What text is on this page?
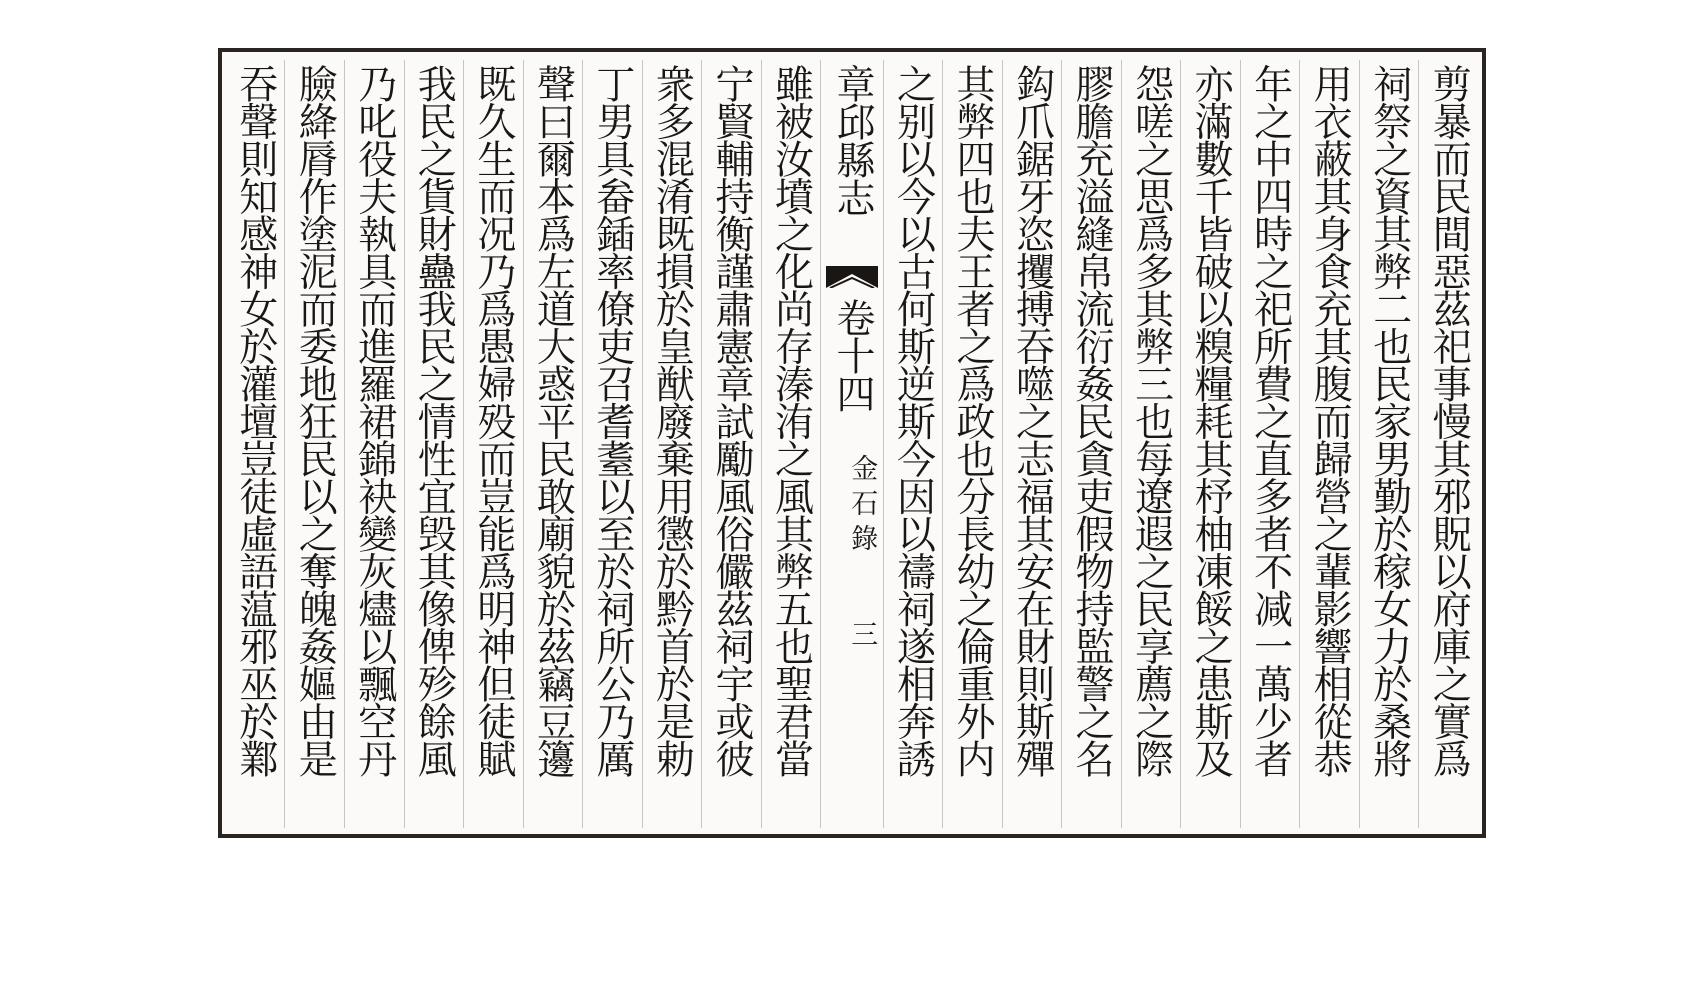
剪暴而民間惡茲祀事慢其邪貺以府庫之實爲
祠祭之資其弊二也民家男勤於稼女力於桑將
用衣蔽其身食充其腹而歸營之輩影響相從恭
年之中四時之祀所費之直多者不减一萬少者
亦滿數千皆破以糗糧耗其杼柚凍餒之患斯及
怨嗟之思爲多其弊三也每遼遐之民享薦之際
膠膽充溢縫帛流衍姦民貪吏假物持監警之名
鈎爪鋸牙恣攫搏吞噬之志福其安在財則斯殫
其弊四也夫王者之爲政也分長幼之倫重外内
之别以今以古何斯逆斯今因以禱祠遂相奔誘
章邱縣志
卷十四
金石錄
三
雖被汝墳之化尚存溱洧之風其弊五也聖君當
宁賢輔持衡謹肅憲章試勵風俗儼茲祠宇或彼
衆多混淆既損於皇猷廢棄用懲於黔首於是勅
丁男具畚鍤率僚吏召耆耋以至於祠所公乃厲
聲曰爾本爲左道大惑平民敢廟貌於茲竊豆籩
既久生而况乃爲愚婦殁而豈能爲明神但徒賦
我民之貨財蠱我民之情性宜毁其像俾殄餘風
乃叱役夫執具而進羅裙錦袂變灰燼以飄空丹
臉絳脣作塗泥而委地狂民以之奪魄姦嫗由是
吞聲則知感神女於灌壇豈徒虛語蕰邪巫於鄴
